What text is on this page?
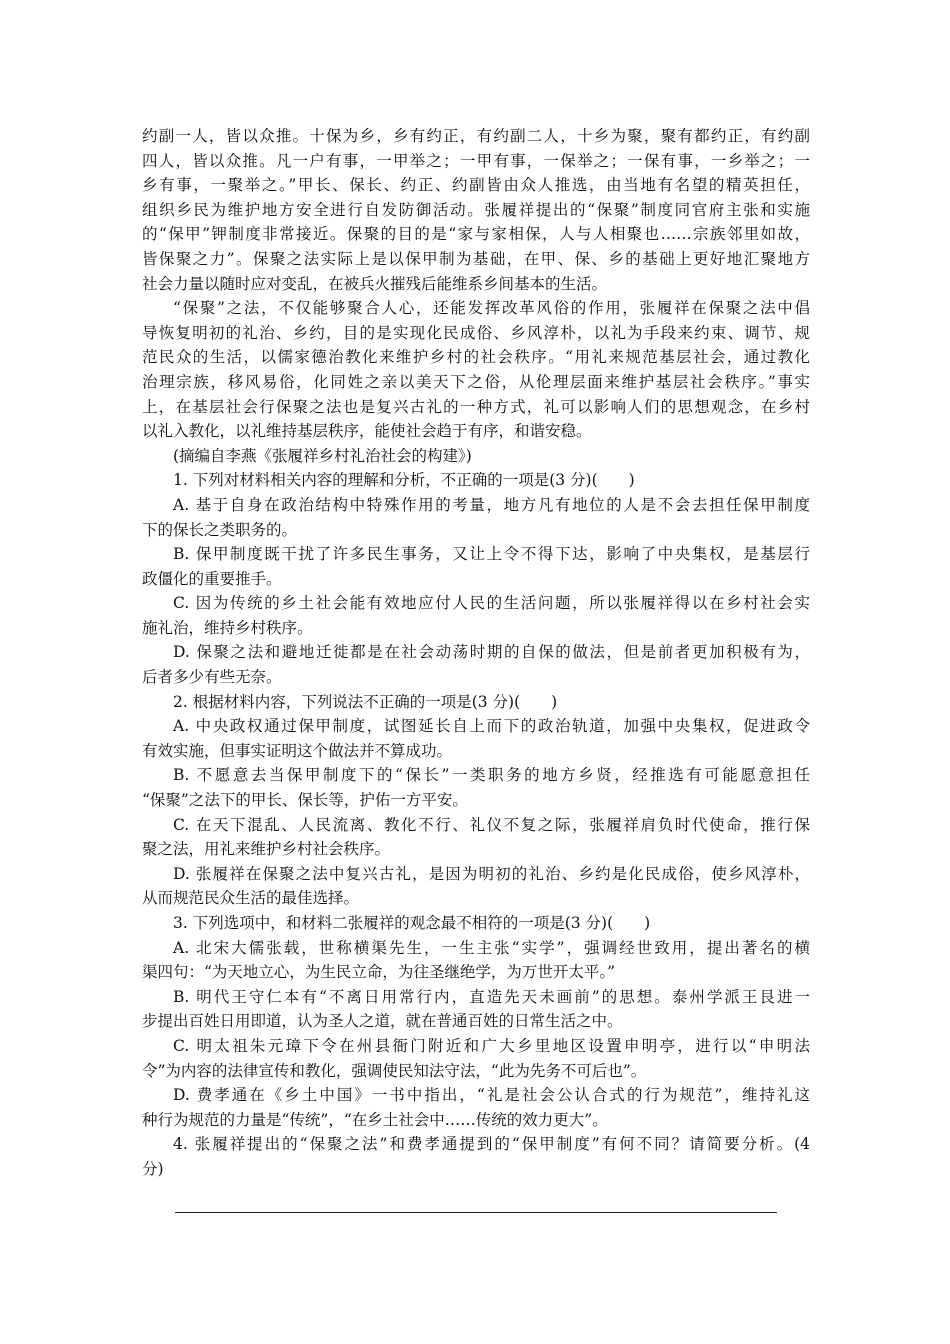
约副一人，皆以众推。十保为乡，乡有约正，有约副二人，十乡为聚，聚有都约正，有约副
四人，皆以众推。凡一户有事，一甲举之；一甲有事，一保举之；一保有事，一乡举之；一
乡有事，一聚举之。”甲长、保长、约正、约副皆由众人推选，由当地有名望的精英担任，
组织乡民为维护地方安全进行自发防御活动。张履祥提出的“保聚”制度同官府主张和实施
的“保甲”钾制度非常接近。保聚的目的是“家与家相保，人与人相聚也……宗族邻里如故，
皆保聚之力”。保聚之法实际上是以保甲制为基础，在甲、保、乡的基础上更好地汇聚地方
社会力量以随时应对变乱，在被兵火摧残后能维系乡间基本的生活。
“保聚”之法，不仅能够聚合人心，还能发挥改革风俗的作用，张履祥在保聚之法中倡
导恢复明初的礼治、乡约，目的是实现化民成俗、乡风淳朴，以礼为手段来约束、调节、规
范民众的生活，以儒家德治教化来维护乡村的社会秩序。“用礼来规范基层社会，通过教化
治理宗族，移风易俗，化同姓之亲以美天下之俗，从伦理层面来维护基层社会秩序。”事实
上，在基层社会行保聚之法也是复兴古礼的一种方式，礼可以影响人们的思想观念，在乡村
以礼入教化，以礼维持基层秩序，能使社会趋于有序，和谐安稳。
(摘编自李燕《张履祥乡村礼治社会的构建》)
1. 下列对材料相关内容的理解和分析，不正确的一项是(3 分)(　　)
A. 基于自身在政治结构中特殊作用的考量，地方凡有地位的人是不会去担任保甲制度
下的保长之类职务的。
B. 保甲制度既干扰了许多民生事务，又让上令不得下达，影响了中央集权，是基层行
政僵化的重要推手。
C. 因为传统的乡土社会能有效地应付人民的生活问题，所以张履祥得以在乡村社会实
施礼治，维持乡村秩序。
D. 保聚之法和避地迁徙都是在社会动荡时期的自保的做法，但是前者更加积极有为，
后者多少有些无奈。
2. 根据材料内容，下列说法不正确的一项是(3 分)(　　)
A. 中央政权通过保甲制度，试图延长自上而下的政治轨道，加强中央集权，促进政令
有效实施，但事实证明这个做法并不算成功。
B. 不愿意去当保甲制度下的“保长”一类职务的地方乡贤，经推选有可能愿意担任
“保聚”之法下的甲长、保长等，护佑一方平安。
C. 在天下混乱、人民流离、教化不行、礼仪不复之际，张履祥肩负时代使命，推行保
聚之法，用礼来维护乡村社会秩序。
D. 张履祥在保聚之法中复兴古礼，是因为明初的礼治、乡约是化民成俗，使乡风淳朴，
从而规范民众生活的最佳选择。
3. 下列选项中，和材料二张履祥的观念最不相符的一项是(3 分)(　　)
A. 北宋大儒张载，世称横渠先生，一生主张“实学”，强调经世致用，提出著名的横
渠四句：“为天地立心，为生民立命，为往圣继绝学，为万世开太平。”
B. 明代王守仁本有“不离日用常行内，直造先天未画前”的思想。泰州学派王艮进一
步提出百姓日用即道，认为圣人之道，就在普通百姓的日常生活之中。
C. 明太祖朱元璋下令在州县衙门附近和广大乡里地区设置申明亭，进行以“申明法
令”为内容的法律宣传和教化，强调使民知法守法，“此为先务不可后也”。
D. 费孝通在《乡土中国》一书中指出，“礼是社会公认合式的行为规范”，维持礼这
种行为规范的力量是“传统”，“在乡土社会中……传统的效力更大”。
4. 张履祥提出的“保聚之法”和费孝通提到的“保甲制度”有何不同？请简要分析。(4
分)
